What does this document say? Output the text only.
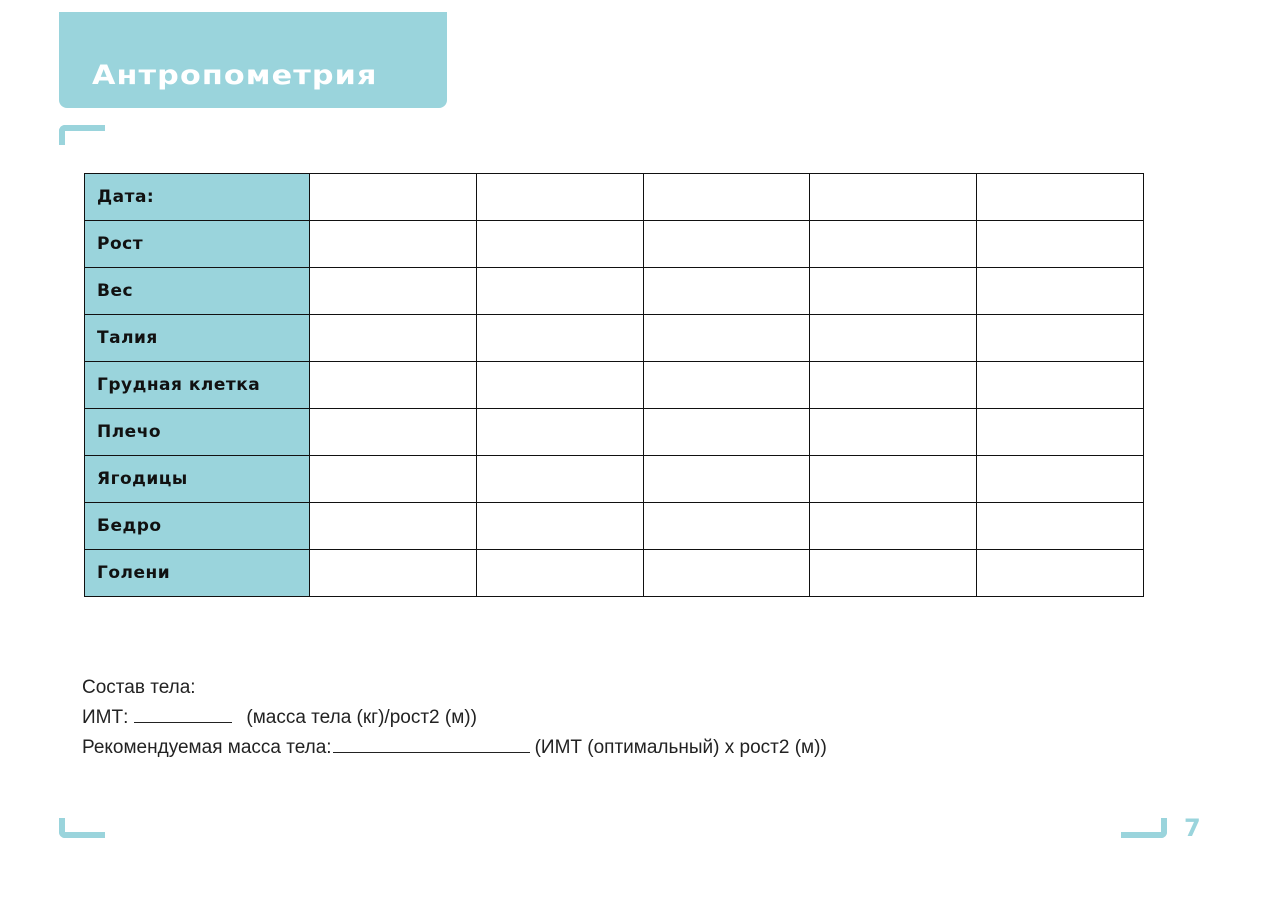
Антропометрия
7
Дата:					
Рост					
Вес					
Талия					
Грудная клетка					
Плечо					
Ягодицы					
Бедро					
Голени					
Состав тела:
ИМТ:	(масса тела (кг)/рост2 (м))
Рекомендуемая масса тела:	(ИМТ (оптимальный) х рост2 (м))
